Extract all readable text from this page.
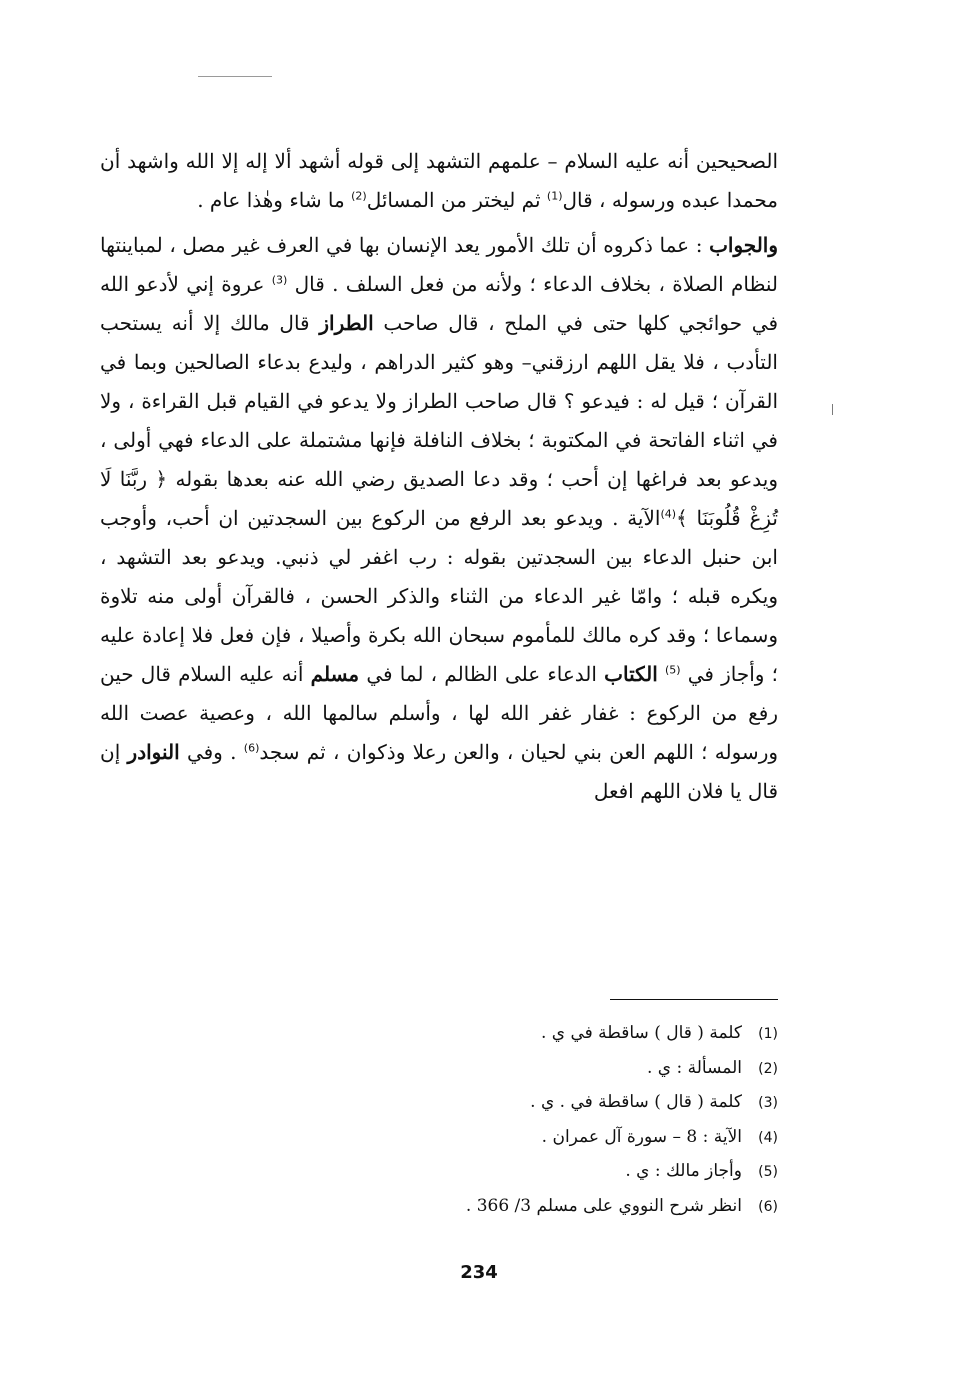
الصحيحين أنه عليه السلام – علمهم التشهد إلى قوله أشهد ألا إله إلا الله واشهد أن محمدا عبده ورسوله ، قال$^{(1)}$ ثم ليختر من المسائل$^{(2)}$ ما شاء وهٰذا عام .

والجواب : عما ذكروه أن تلك الأمور يعد الإنسان بها في العرف غير مصل ، لمباينتها لنظام الصلاة ، بخلاف الدعاء ؛ ولأنه من فعل السلف . قال $^{(3)}$ عروة إني لأدعو الله في حوائجي كلها حتى في الملح ، قال صاحب الطراز قال مالك إلا أنه يستحب التأدب ، فلا يقل اللهم ارزقني– وهو كثير الدراهم ، وليدع بدعاء الصالحين وبما في القرآن ؛ قيل له : فيدعو ؟ قال صاحب الطراز ولا يدعو في القيام قبل القراءة ، ولا في اثناء الفاتحة في المكتوبة ؛ بخلاف النافلة فإنها مشتملة على الدعاء فهي أولى ، ويدعو بعد فراغها إن أحب ؛ وقد دعا الصديق رضي الله عنه بعدها بقوله ﴿ ربَّنَا لَا تُزِغْ قُلُوبَنَا ﴾$^{(4)}$الآية . ويدعو بعد الرفع من الركوع بين السجدتين ان أحب، وأوجب ابن حنبل الدعاء بين السجدتين بقوله : رب اغفر لي ذنبي. ويدعو بعد التشهد ، ويكره قبله ؛ وامّا غير الدعاء من الثناء والذكر الحسن ، فالقرآن أولى منه تلاوة وسماعا ؛ وقد كره مالك للمأموم سبحان الله بكرة وأصيلا ، فإن فعل فلا إعادة عليه ؛ وأجاز في $^{(5)}$ الكتاب الدعاء على الظالم ، لما في مسلم أنه عليه السلام قال حين رفع من الركوع : غفار غفر الله لها ، وأسلم سالمها الله ، وعصية عصت الله ورسوله ؛ اللهم العن بني لحيان ، والعن رعلا وذكوان ، ثم سجد$^{(6)}$ . وفي النوادر إن قال يا فلان اللهم افعل

(1)كلمة ( قال ) ساقطة في ي .
(2)المسألة : ي .
(3)كلمة ( قال ) ساقطة في . ي .
(4)الآية : 8 – سورة آل عمران .
(5)وأجاز مالك : ي .
(6)انظر شرح النووي على مسلم 3/ 366 .
234
